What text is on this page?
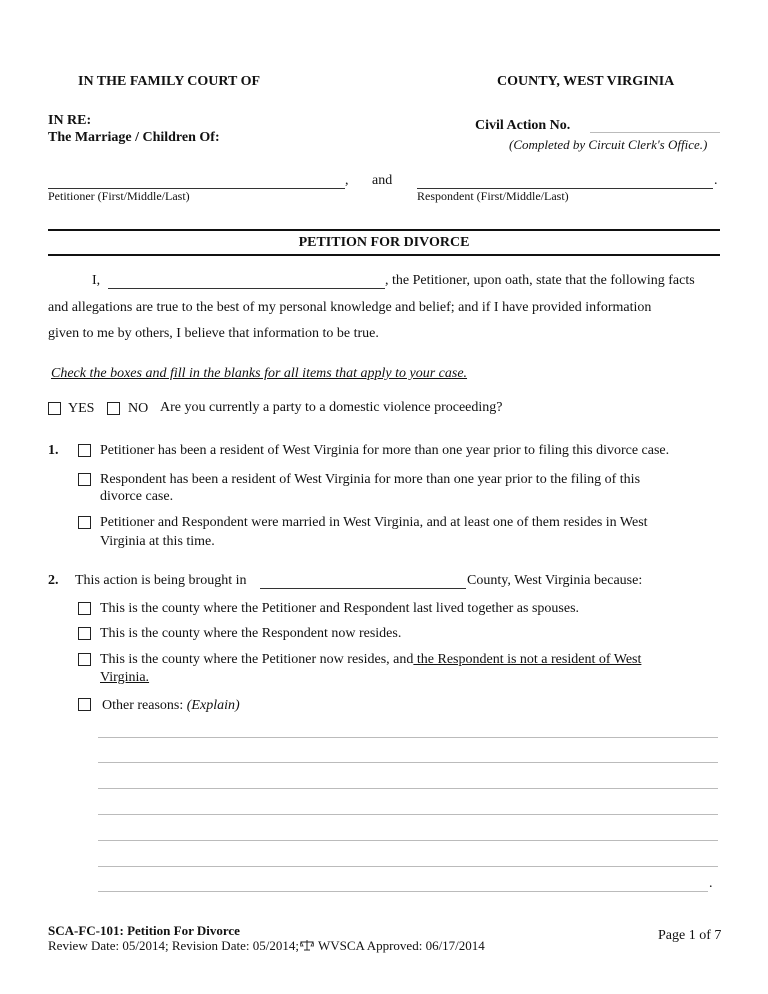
IN THE FAMILY COURT OF	COUNTY, WEST VIRGINIA
IN RE:
The Marriage / Children Of:
Civil Action No.
(Completed by Circuit Clerk's Office.)
, and	.
Petitioner (First/Middle/Last)	Respondent (First/Middle/Last)
PETITION FOR DIVORCE
I,	, the Petitioner, upon oath, state that the following facts
and allegations are true to the best of my personal knowledge and belief; and if I have provided information
given to me by others, I believe that information to be true.
Check the boxes and fill in the blanks for all items that apply to your case.
YES NO Are you currently a party to a domestic violence proceeding?
1.	Petitioner has been a resident of West Virginia for more than one year prior to filing this divorce case.
Respondent has been a resident of West Virginia for more than one year prior to the filing of this
divorce case.
Petitioner and Respondent were married in West Virginia, and at least one of them resides in West
Virginia at this time.
2. This action is being brought in	County, West Virginia because:
This is the county where the Petitioner and Respondent last lived together as spouses.
This is the county where the Respondent now resides.
This is the county where the Petitioner now resides, and the Respondent is not a resident of West
Virginia.
Other reasons: (Explain)
.
SCA-FC-101: Petition For Divorce
Review Date: 05/2014; Revision Date: 05/2014; WVSCA Approved: 06/17/2014
Page 1 of 7
